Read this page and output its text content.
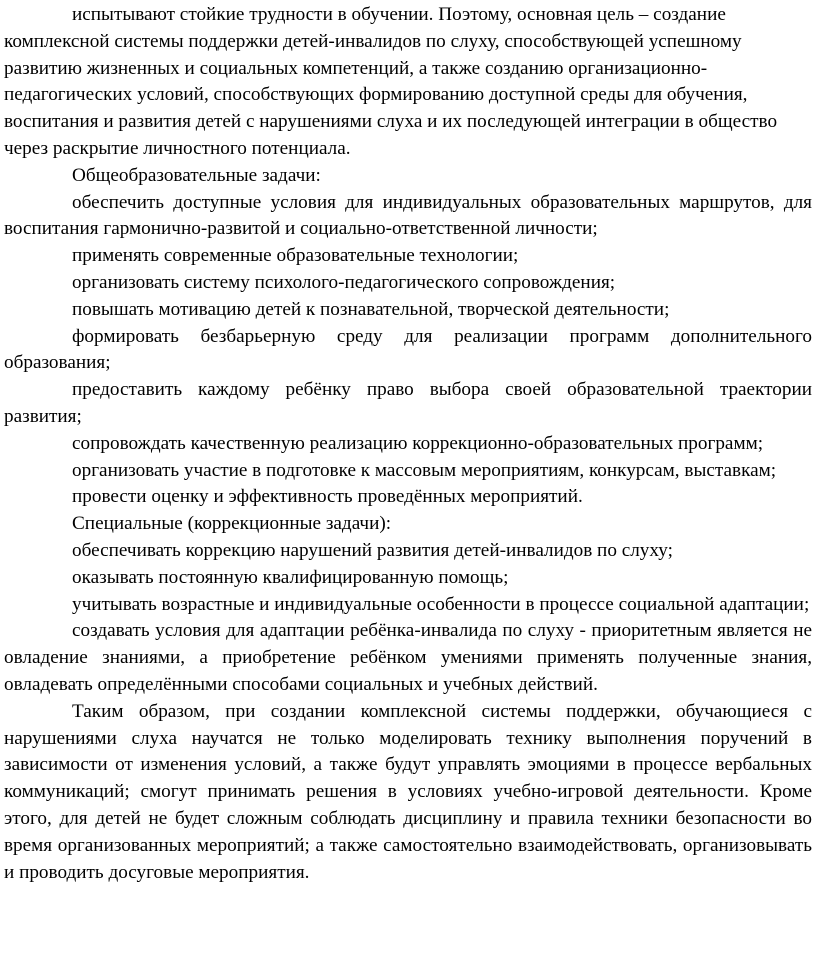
испытывают стойкие трудности в обучении. Поэтому, основная цель – создание комплексной системы поддержки детей-инвалидов по слуху, способствующей успешному развитию жизненных и социальных компетенций, а также созданию организационно-педагогических условий, способствующих формированию доступной среды для обучения, воспитания и развития детей с нарушениями слуха и их последующей интеграции в общество через раскрытие личностного потенциала.

Общеобразовательные задачи:

обеспечить доступные условия для индивидуальных образовательных маршрутов, для воспитания гармонично-развитой и социально-ответственной личности;

применять современные образовательные технологии;

организовать систему психолого-педагогического сопровождения;

повышать мотивацию детей к познавательной, творческой деятельности;

формировать безбарьерную среду для реализации программ дополнительного образования;

предоставить каждому ребёнку право выбора своей образовательной траектории развития;

сопровождать качественную реализацию коррекционно-образовательных программ;

организовать участие в подготовке к массовым мероприятиям, конкурсам, выставкам;

провести оценку и эффективность проведённых мероприятий.

Специальные (коррекционные задачи):

обеспечивать коррекцию нарушений развития детей-инвалидов по слуху;

оказывать постоянную квалифицированную помощь;

учитывать возрастные и индивидуальные особенности в процессе социальной адаптации;

создавать условия для адаптации ребёнка-инвалида по слуху - приоритетным является не овладение знаниями, а приобретение ребёнком умениями применять полученные знания, овладевать определёнными способами социальных и учебных действий.

Таким образом, при создании комплексной системы поддержки, обучающиеся с нарушениями слуха научатся не только моделировать технику выполнения поручений в зависимости от изменения условий, а также будут управлять эмоциями в процессе вербальных коммуникаций; смогут принимать решения в условиях учебно-игровой деятельности. Кроме этого, для детей не будет сложным соблюдать дисциплину и правила техники безопасности во время организованных мероприятий; а также самостоятельно взаимодействовать, организовывать и проводить досуговые мероприятия.
